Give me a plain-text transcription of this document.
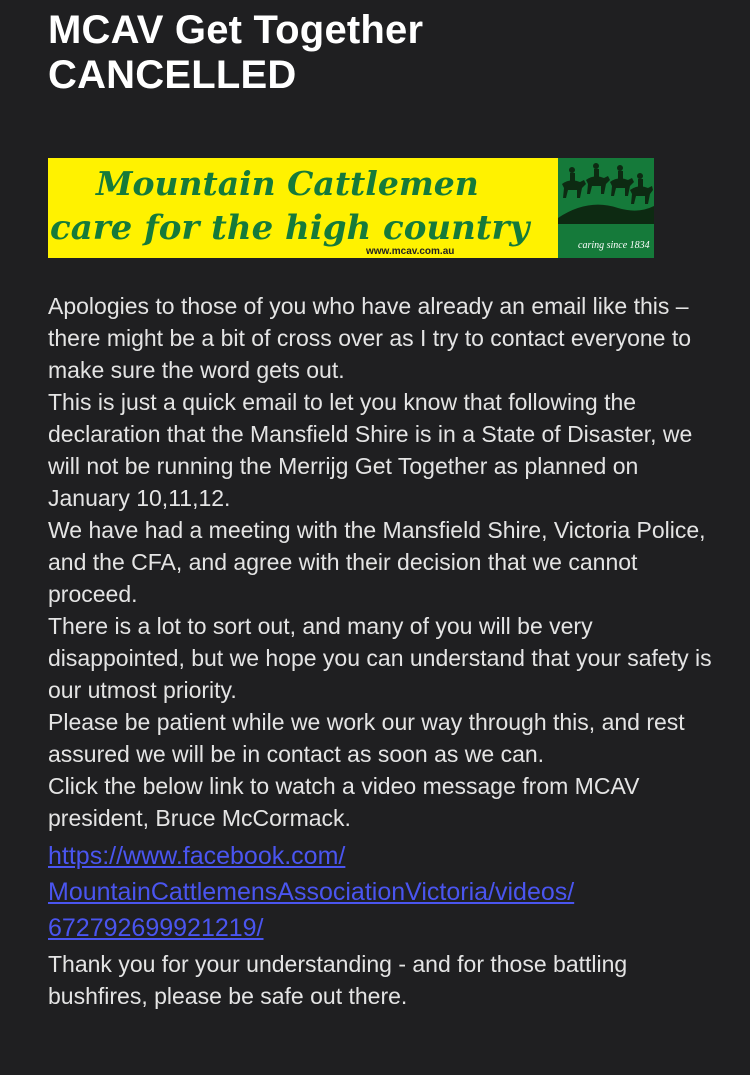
MCAV Get Together
CANCELLED
Mountain Cattlemen
care for the high country
www.mcav.com.au
caring since 1834

Apologies to those of you who have already an email like this – there might be a bit of cross over as I try to contact everyone to make sure the word gets out.

This is just a quick email to let you know that following the declaration that the Mansfield Shire is in a State of Disaster, we will not be running the Merrijg Get Together as planned on January 10,11,12.

We have had a meeting with the Mansfield Shire, Victoria Police, and the CFA, and agree with their decision that we cannot proceed.

There is a lot to sort out, and many of you will be very disappointed, but we hope you can understand that your safety is our utmost priority.

Please be patient while we work our way through this, and rest assured we will be in contact as soon as we can.

Click the below link to watch a video message from MCAV president, Bruce McCormack.

https://www.facebook.com/
MountainCattlemensAssociationVictoria/videos/
672792699921219/

Thank you for your understanding - and for those battling bushfires, please be safe out there.
